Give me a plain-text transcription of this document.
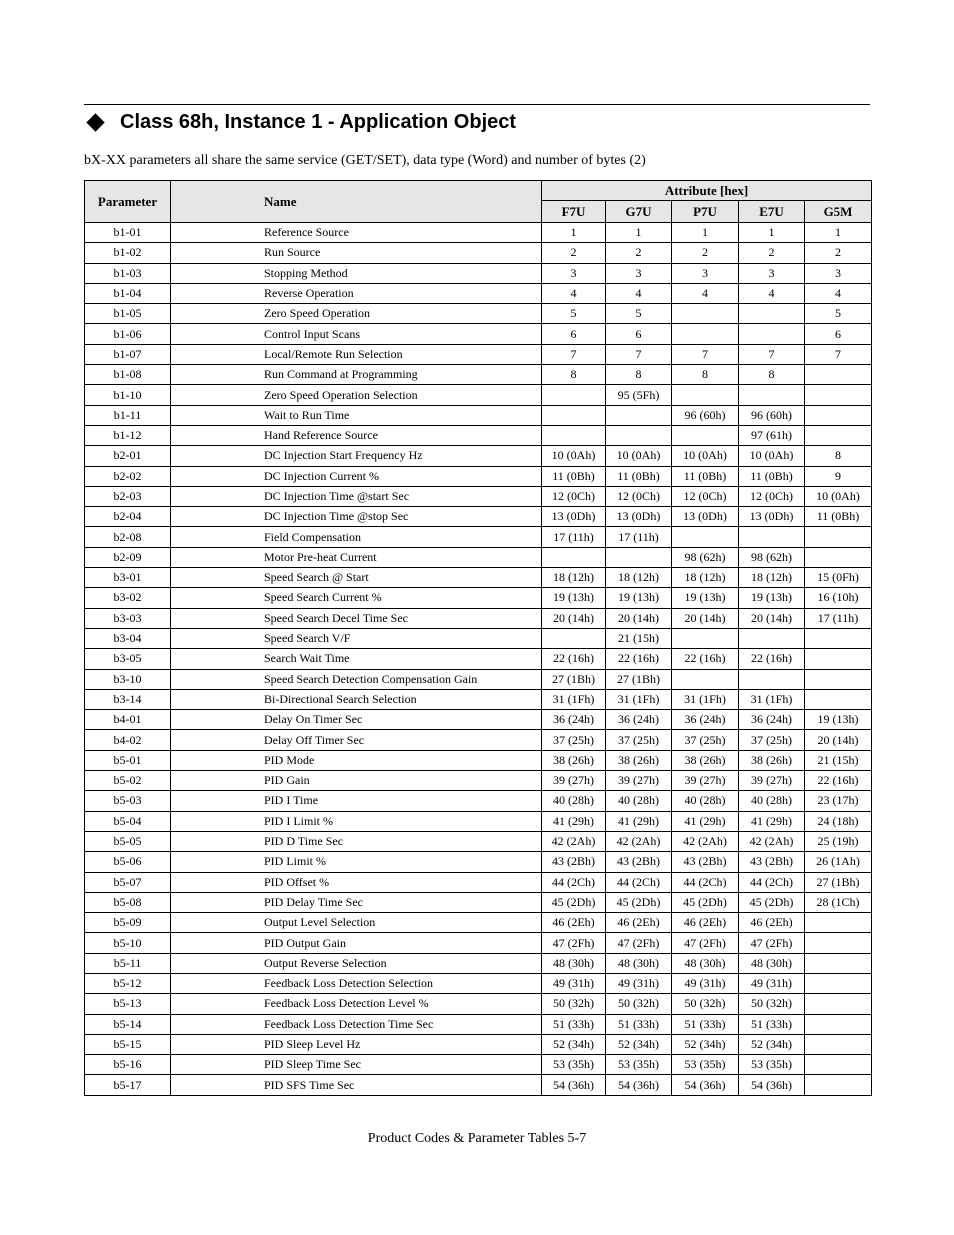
Class 68h, Instance 1 - Application Object
bX-XX parameters all share the same service (GET/SET), data type (Word) and number of bytes (2)
Parameter	Name	Attribute [hex]				
		F7U	G7U	P7U	E7U	G5M
b1-01	Reference Source	1	1	1	1	1
b1-02	Run Source	2	2	2	2	2
b1-03	Stopping Method	3	3	3	3	3
b1-04	Reverse Operation	4	4	4	4	4
b1-05	Zero Speed Operation	5	5			5
b1-06	Control Input Scans	6	6			6
b1-07	Local/Remote Run Selection	7	7	7	7	7
b1-08	Run Command at Programming	8	8	8	8	
b1-10	Zero Speed Operation Selection		95 (5Fh)			
b1-11	Wait to Run Time			96 (60h)	96 (60h)	
b1-12	Hand Reference Source				97 (61h)	
b2-01	DC Injection Start Frequency Hz	10 (0Ah)	10 (0Ah)	10 (0Ah)	10 (0Ah)	8
b2-02	DC Injection Current %	11 (0Bh)	11 (0Bh)	11 (0Bh)	11 (0Bh)	9
b2-03	DC Injection Time @start Sec	12 (0Ch)	12 (0Ch)	12 (0Ch)	12 (0Ch)	10 (0Ah)
b2-04	DC Injection Time @stop Sec	13 (0Dh)	13 (0Dh)	13 (0Dh)	13 (0Dh)	11 (0Bh)
b2-08	Field Compensation	17 (11h)	17 (11h)			
b2-09	Motor Pre-heat Current			98 (62h)	98 (62h)	
b3-01	Speed Search @ Start	18 (12h)	18 (12h)	18 (12h)	18 (12h)	15 (0Fh)
b3-02	Speed Search Current %	19 (13h)	19 (13h)	19 (13h)	19 (13h)	16 (10h)
b3-03	Speed Search Decel Time Sec	20 (14h)	20 (14h)	20 (14h)	20 (14h)	17 (11h)
b3-04	Speed Search V/F		21 (15h)			
b3-05	Search Wait Time	22 (16h)	22 (16h)	22 (16h)	22 (16h)	
b3-10	Speed Search Detection Compensation Gain	27 (1Bh)	27 (1Bh)			
b3-14	Bi-Directional Search Selection	31 (1Fh)	31 (1Fh)	31 (1Fh)	31 (1Fh)	
b4-01	Delay On Timer Sec	36 (24h)	36 (24h)	36 (24h)	36 (24h)	19 (13h)
b4-02	Delay Off Timer Sec	37 (25h)	37 (25h)	37 (25h)	37 (25h)	20 (14h)
b5-01	PID Mode	38 (26h)	38 (26h)	38 (26h)	38 (26h)	21 (15h)
b5-02	PID Gain	39 (27h)	39 (27h)	39 (27h)	39 (27h)	22 (16h)
b5-03	PID I Time	40 (28h)	40 (28h)	40 (28h)	40 (28h)	23 (17h)
b5-04	PID I Limit %	41 (29h)	41 (29h)	41 (29h)	41 (29h)	24 (18h)
b5-05	PID D Time Sec	42 (2Ah)	42 (2Ah)	42 (2Ah)	42 (2Ah)	25 (19h)
b5-06	PID Limit %	43 (2Bh)	43 (2Bh)	43 (2Bh)	43 (2Bh)	26 (1Ah)
b5-07	PID Offset %	44 (2Ch)	44 (2Ch)	44 (2Ch)	44 (2Ch)	27 (1Bh)
b5-08	PID Delay Time Sec	45 (2Dh)	45 (2Dh)	45 (2Dh)	45 (2Dh)	28 (1Ch)
b5-09	Output Level Selection	46 (2Eh)	46 (2Eh)	46 (2Eh)	46 (2Eh)	
b5-10	PID Output Gain	47 (2Fh)	47 (2Fh)	47 (2Fh)	47 (2Fh)	
b5-11	Output Reverse Selection	48 (30h)	48 (30h)	48 (30h)	48 (30h)	
b5-12	Feedback Loss Detection Selection	49 (31h)	49 (31h)	49 (31h)	49 (31h)	
b5-13	Feedback Loss Detection Level %	50 (32h)	50 (32h)	50 (32h)	50 (32h)	
b5-14	Feedback Loss Detection Time Sec	51 (33h)	51 (33h)	51 (33h)	51 (33h)	
b5-15	PID Sleep Level Hz	52 (34h)	52 (34h)	52 (34h)	52 (34h)	
b5-16	PID Sleep Time Sec	53 (35h)	53 (35h)	53 (35h)	53 (35h)	
b5-17	PID SFS Time Sec	54 (36h)	54 (36h)	54 (36h)	54 (36h)	
Product Codes & Parameter Tables 5-7
